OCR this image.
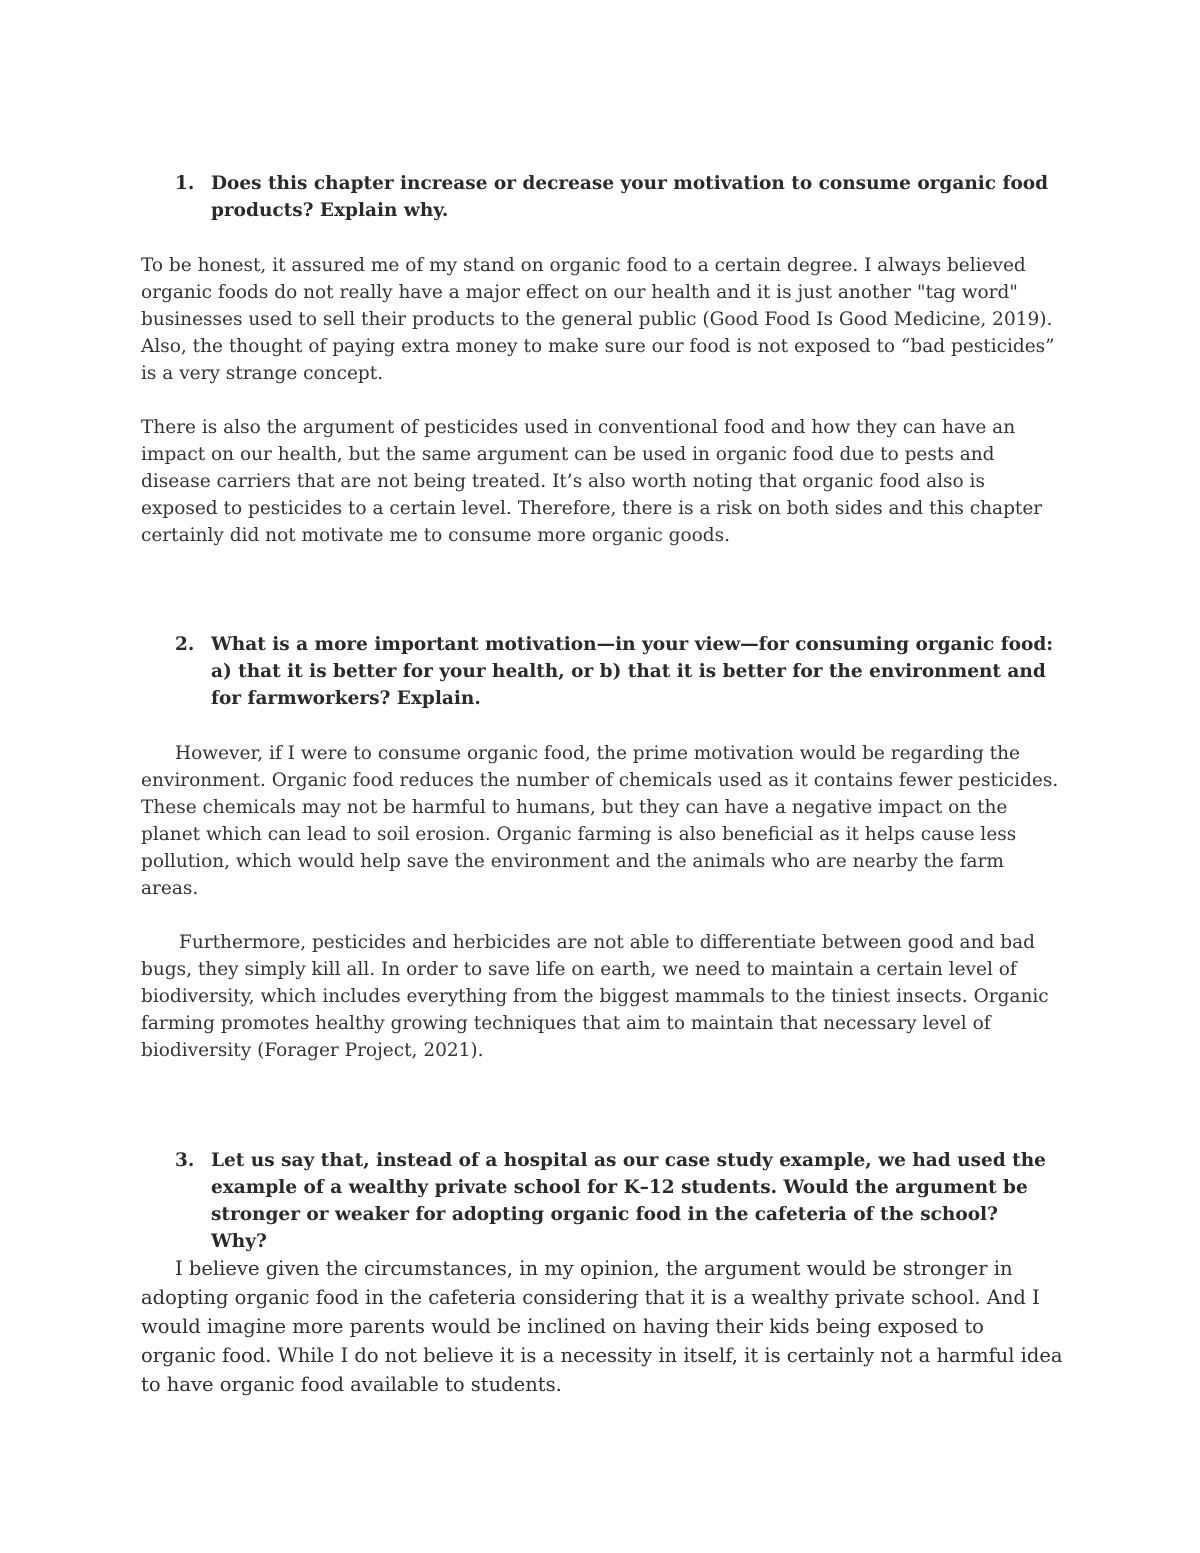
1. Does this chapter increase or decrease your motivation to consume organic food products? Explain why.

To be honest, it assured me of my stand on organic food to a certain degree. I always believed organic foods do not really have a major effect on our health and it is just another "tag word" businesses used to sell their products to the general public (Good Food Is Good Medicine, 2019). Also, the thought of paying extra money to make sure our food is not exposed to “bad pesticides” is a very strange concept.

There is also the argument of pesticides used in conventional food and how they can have an impact on our health, but the same argument can be used in organic food due to pests and disease carriers that are not being treated. It’s also worth noting that organic food also is exposed to pesticides to a certain level. Therefore, there is a risk on both sides and this chapter certainly did not motivate me to consume more organic goods.

2. What is a more important motivation—in your view—for consuming organic food: a) that it is better for your health, or b) that it is better for the environment and for farmworkers? Explain.

However, if I were to consume organic food, the prime motivation would be regarding the environment. Organic food reduces the number of chemicals used as it contains fewer pesticides. These chemicals may not be harmful to humans, but they can have a negative impact on the planet which can lead to soil erosion. Organic farming is also beneficial as it helps cause less pollution, which would help save the environment and the animals who are nearby the farm areas.

Furthermore, pesticides and herbicides are not able to differentiate between good and bad bugs, they simply kill all. In order to save life on earth, we need to maintain a certain level of biodiversity, which includes everything from the biggest mammals to the tiniest insects. Organic farming promotes healthy growing techniques that aim to maintain that necessary level of biodiversity (Forager Project, 2021).

3. Let us say that, instead of a hospital as our case study example, we had used the example of a wealthy private school for K–12 students. Would the argument be stronger or weaker for adopting organic food in the cafeteria of the school? Why?

I believe given the circumstances, in my opinion, the argument would be stronger in adopting organic food in the cafeteria considering that it is a wealthy private school. And I would imagine more parents would be inclined on having their kids being exposed to organic food. While I do not believe it is a necessity in itself, it is certainly not a harmful idea to have organic food available to students.
